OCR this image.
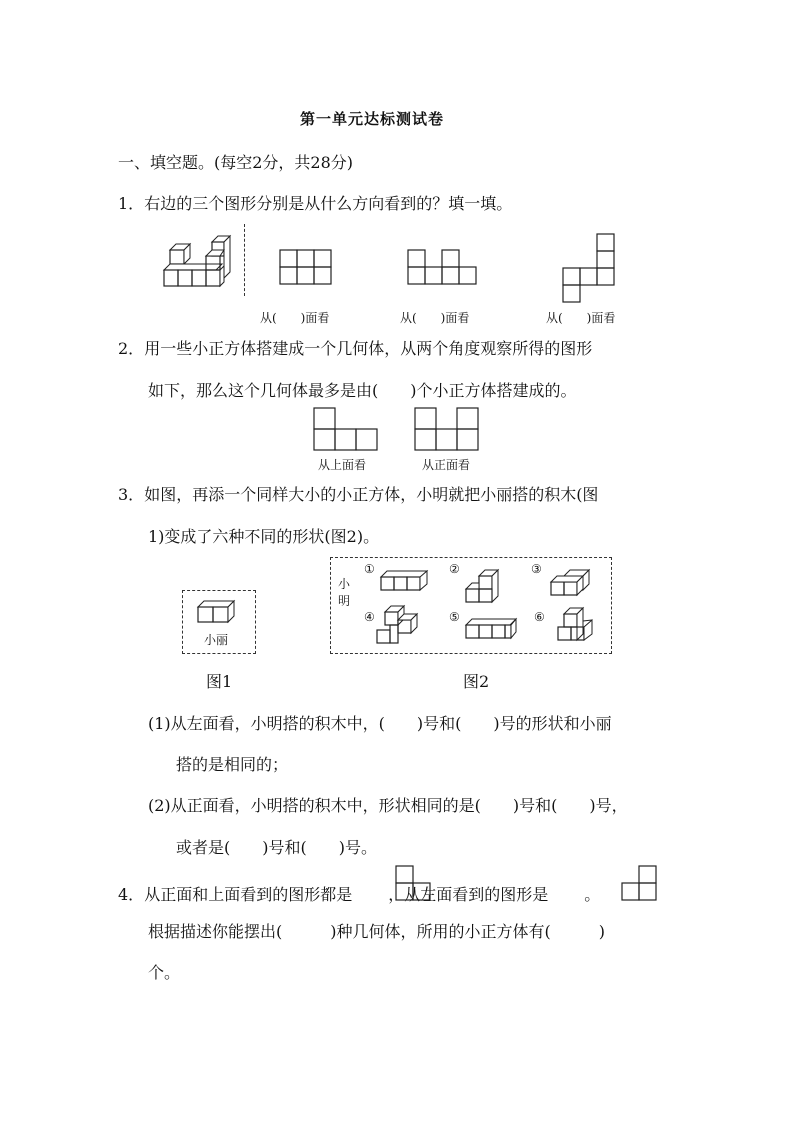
第一单元达标测试卷
一、填空题。(每空2分，共28分)
1．右边的三个图形分别是从什么方向看到的？填一填。
从(　　)面看	从(　　)面看	从(　　)面看
2．用一些小正方体搭建成一个几何体，从两个角度观察所得的图形
如下，那么这个几何体最多是由(　　)个小正方体搭建成的。
从上面看	从正面看
3．如图，再添一个同样大小的小正方体，小明就把小丽搭的积木(图
1)变成了六种不同的形状(图2)。
小丽
小明
①	②	③
④	⑤	⑥
图1	图2
(1)从左面看，小明搭的积木中，(　　)号和(　　)号的形状和小丽
搭的是相同的；
(2)从正面看，小明搭的积木中，形状相同的是(　　)号和(　　)号，
或者是(　　)号和(　　)号。
4．从正面和上面看到的图形都是 ，从左面看到的图形是 。
根据描述你能摆出(　　　)种几何体，所用的小正方体有(　　　)
个。
